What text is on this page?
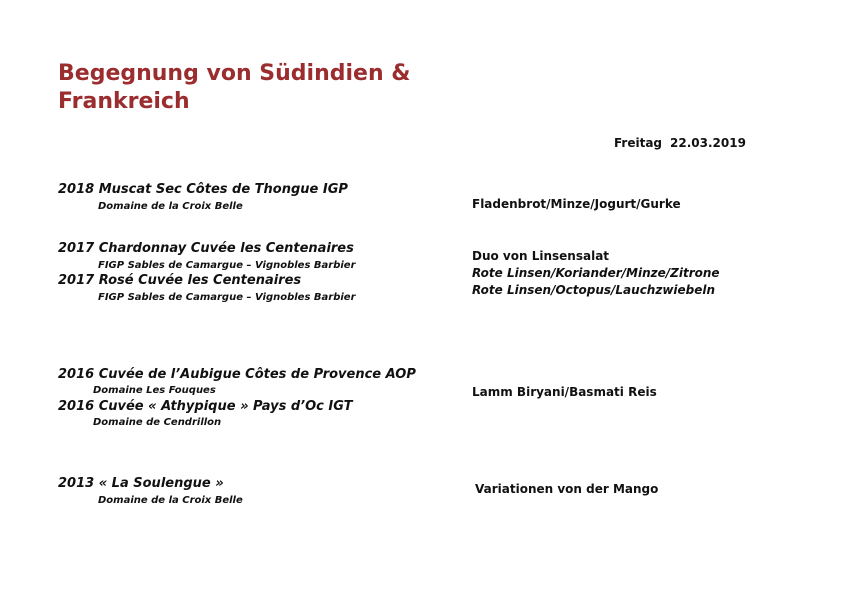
Begegnung von Südindien &
Frankreich
Freitag 22.03.2019
2018 Muscat Sec Côtes de Thongue IGP
Domaine de la Croix Belle	Fladenbrot/Minze/Jogurt/Gurke
2017 Chardonnay Cuvée les Centenaires
FIGP Sables de Camargue – Vignobles Barbier
2017 Rosé Cuvée les Centenaires
FIGP Sables de Camargue – Vignobles Barbier
Duo von Linsensalat
Rote Linsen/Koriander/Minze/Zitrone
Rote Linsen/Octopus/Lauchzwiebeln
2016 Cuvée de l’Aubigue Côtes de Provence AOP
Domaine Les Fouques
2016 Cuvée « Athypique » Pays d’Oc IGT
Domaine de Cendrillon
Lamm Biryani/Basmati Reis
2013 « La Soulengue »
Domaine de la Croix Belle
Variationen von der Mango
